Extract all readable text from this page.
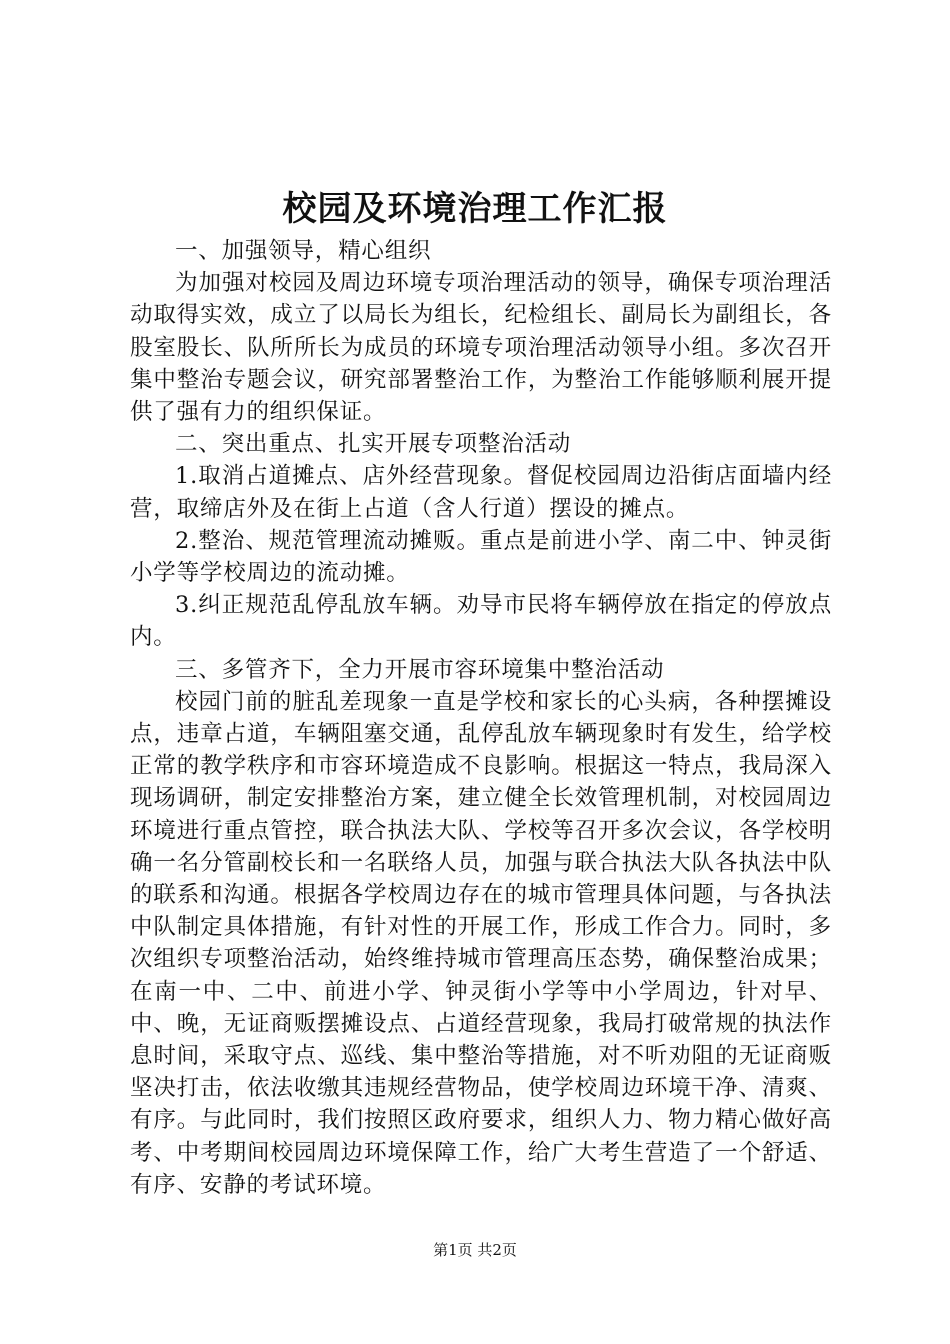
校园及环境治理工作汇报

一、加强领导，精心组织

为加强对校园及周边环境专项治理活动的领导，确保专项治理活动取得实效，成立了以局长为组长，纪检组长、副局长为副组长，各股室股长、队所所长为成员的环境专项治理活动领导小组。多次召开集中整治专题会议，研究部署整治工作，为整治工作能够顺利展开提供了强有力的组织保证。

二、突出重点、扎实开展专项整治活动

1.取消占道摊点、店外经营现象。督促校园周边沿街店面墙内经营，取缔店外及在街上占道（含人行道）摆设的摊点。

2.整治、规范管理流动摊贩。重点是前进小学、南二中、钟灵街小学等学校周边的流动摊。

3.纠正规范乱停乱放车辆。劝导市民将车辆停放在指定的停放点内。

三、多管齐下，全力开展市容环境集中整治活动

校园门前的脏乱差现象一直是学校和家长的心头病，各种摆摊设点，违章占道，车辆阻塞交通，乱停乱放车辆现象时有发生，给学校正常的教学秩序和市容环境造成不良影响。根据这一特点，我局深入现场调研，制定安排整治方案，建立健全长效管理机制，对校园周边环境进行重点管控，联合执法大队、学校等召开多次会议，各学校明确一名分管副校长和一名联络人员，加强与联合执法大队各执法中队的联系和沟通。根据各学校周边存在的城市管理具体问题，与各执法中队制定具体措施，有针对性的开展工作，形成工作合力。同时，多次组织专项整治活动，始终维持城市管理高压态势，确保整治成果；在南一中、二中、前进小学、钟灵街小学等中小学周边，针对早、中、晚，无证商贩摆摊设点、占道经营现象，我局打破常规的执法作息时间，采取守点、巡线、集中整治等措施，对不听劝阻的无证商贩坚决打击，依法收缴其违规经营物品，使学校周边环境干净、清爽、有序。与此同时，我们按照区政府要求，组织人力、物力精心做好高考、中考期间校园周边环境保障工作，给广大考生营造了一个舒适、有序、安静的考试环境。

第1页 共2页
